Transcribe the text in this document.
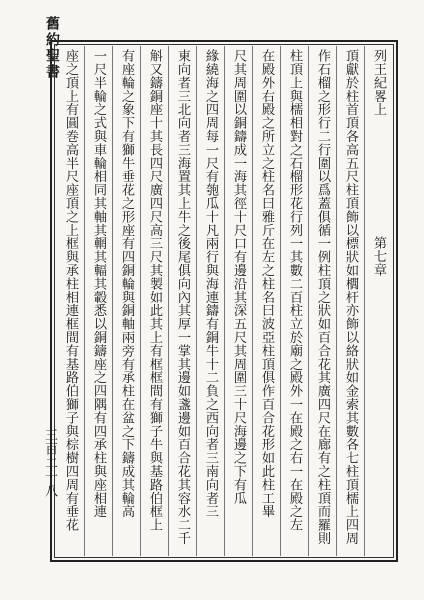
舊約聖書
三百二十八
列王紀畧上第七章
頂獻於柱首頂各高五尺柱頂飾以標狀如櫚杆亦飾以絡狀如金索其數各七柱頂檽上四周
作石榴之形行二行圍以爲蓋俱循一例柱頂之狀如百合花其廣四尺在廊有之柱頂而羅則
柱頂上與檽相對之石榴形花行列一其數二百柱立於廟之殿外一在殿之右一在殿之左
在殿外右殿之所立之柱名曰雅斤在左之柱名曰波亞柱頂俱作百合花形如此柱工畢
尺其周圍以銅鑄成一海其徑十尺口有邊沿其深五尺其周圍三十尺海邊之下有瓜
緣繞海之四周每一尺有匏瓜十凡兩行與海連鑄有銅牛十二負之西向者三南向者三
東向者三北向者三海置其上牛之後尾俱向內其厚一掌其邊如盞邊如百合花其容水二千
斛又鑄銅座十其長四尺廣四尺高三尺其製如此其上有框框間有獅子牛與基路伯框上
有座輪之象下有獅牛垂花之形座有四銅輪與銅軸兩旁有承柱在盆之下鑄成其輪高
一尺半輪之式與車輪相同其軸其輞其輻其轂悉以銅鑄座之四隅有四承柱與座相連
座之頂上有圓巻高半尺座頂之上框與承柱相連框間有基路伯獅子與棕樹四周有垂花
